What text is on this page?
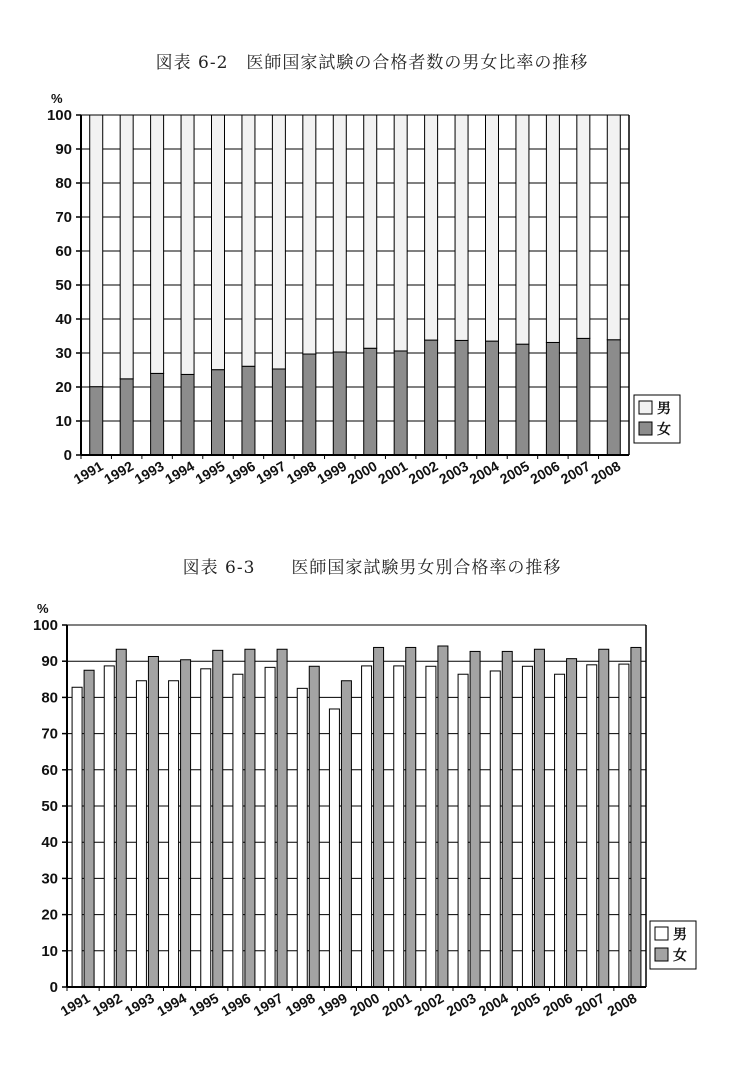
図表 6-2　医師国家試験の合格者数の男女比率の推移
0
10
20
30
40
50
60
70
80
90
100
%
1991
1992
1993
1994
1995
1996
1997
1998
1999
2000
2001
2002
2003
2004
2005
2006
2007
2008
男
女
図表 6-3　　医師国家試験男女別合格率の推移
0
10
20
30
40
50
60
70
80
90
100
%
1991
1992
1993
1994
1995
1996
1997
1998
1999
2000
2001
2002
2003
2004
2005
2006
2007
2008
男
女
